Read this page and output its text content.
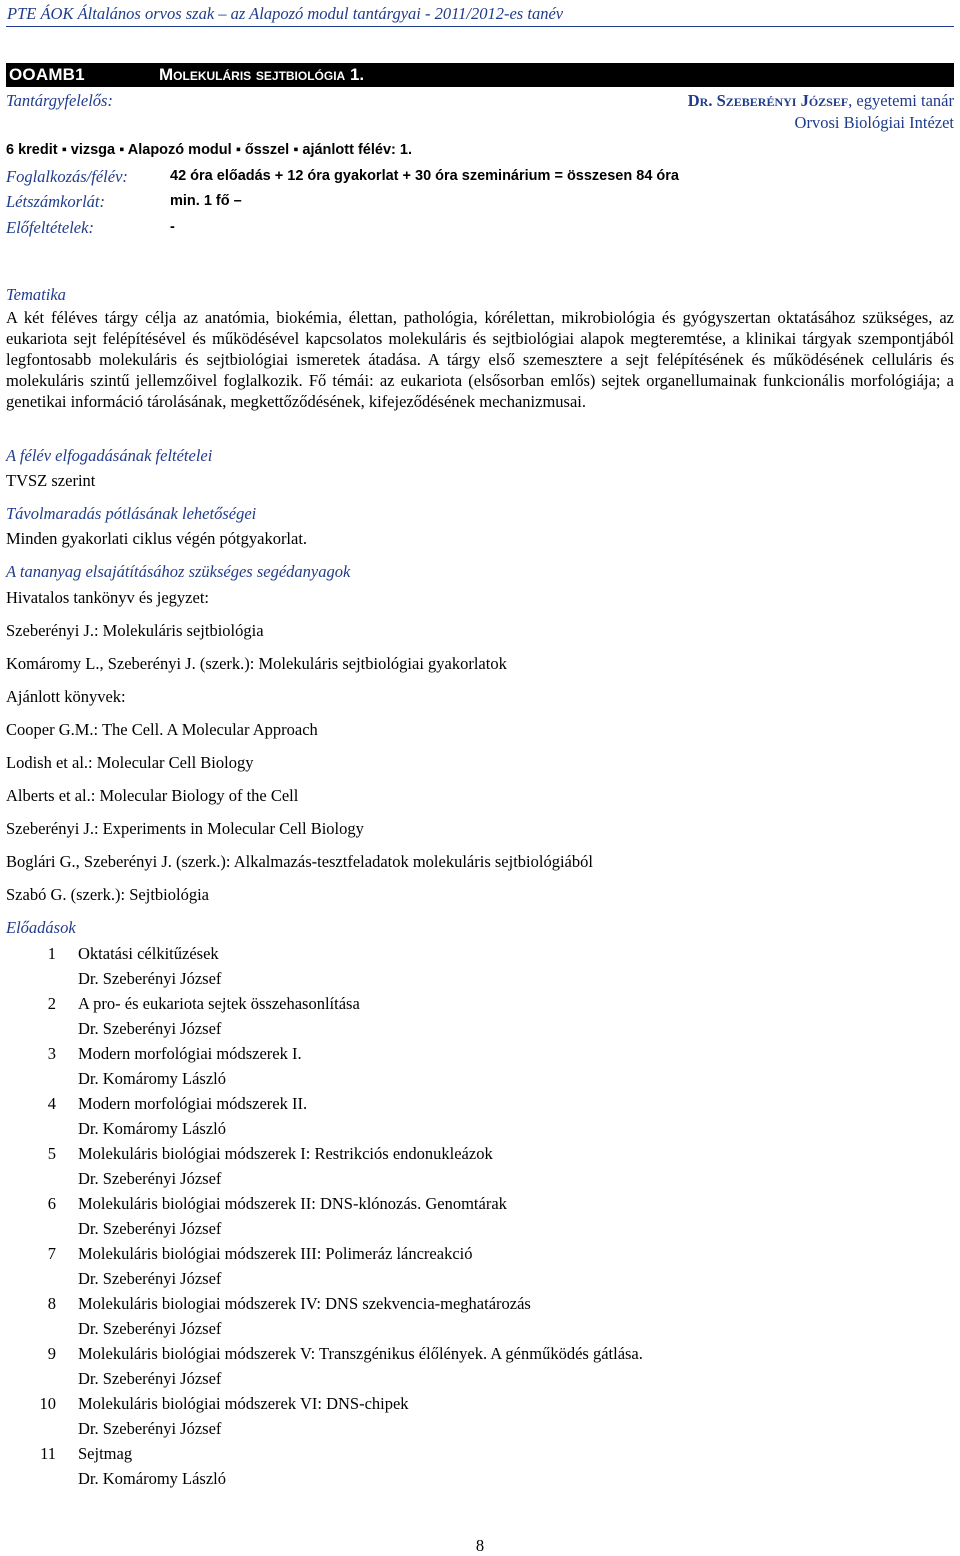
PTE ÁOK Általános orvos szak – az Alapozó modul tantárgyai - 2011/2012-es tanév
OOAMB1	Molekuláris sejtbiológia 1.
Tantárgyfelelős:	Dr. Szeberényi József, egyetemi tanár
Orvosi Biológiai Intézet
6 kredit ▪ vizsga ▪ Alapozó modul ▪ ősszel ▪ ajánlott félév: 1.
Foglalkozás/félév:	42 óra előadás + 12 óra gyakorlat + 30 óra szeminárium = összesen 84 óra
Létszámkorlát:	min. 1 fő –
Előfeltételek:	-
Tematika
A két féléves tárgy célja az anatómia, biokémia, élettan, pathológia, kórélettan, mikrobiológia és gyógyszertan oktatásához szükséges, az eukariota sejt felépítésével és működésével kapcsolatos molekuláris és sejtbiológiai alapok megteremtése, a klinikai tárgyak szempontjából legfontosabb molekuláris és sejtbiológiai ismeretek átadása. A tárgy első szemesztere a sejt felépítésének és működésének celluláris és molekuláris szintű jellemzőivel foglalkozik. Fő témái: az eukariota (elsősorban emlős) sejtek organellumainak funkcionális morfológiája; a genetikai információ tárolásának, megkettőződésének, kifejeződésének mechanizmusai.
A félév elfogadásának feltételei
TVSZ szerint
Távolmaradás pótlásának lehetőségei
Minden gyakorlati ciklus végén pótgyakorlat.
A tananyag elsajátításához szükséges segédanyagok
Hivatalos tankönyv és jegyzet:
Szeberényi J.: Molekuláris sejtbiológia
Komáromy L., Szeberényi J. (szerk.): Molekuláris sejtbiológiai gyakorlatok
Ajánlott könyvek:
Cooper G.M.: The Cell. A Molecular Approach
Lodish et al.: Molecular Cell Biology
Alberts et al.: Molecular Biology of the Cell
Szeberényi J.: Experiments in Molecular Cell Biology
Boglári G., Szeberényi J. (szerk.): Alkalmazás-tesztfeladatok molekuláris sejtbiológiából
Szabó G. (szerk.): Sejtbiológia
Előadások
1 Oktatási célkitűzések
Dr. Szeberényi József
2 A pro- és eukariota sejtek összehasonlítása
Dr. Szeberényi József
3 Modern morfológiai módszerek I.
Dr. Komáromy László
4 Modern morfológiai módszerek II.
Dr. Komáromy László
5 Molekuláris biológiai módszerek I: Restrikciós endonukleázok
Dr. Szeberényi József
6 Molekuláris biológiai módszerek II: DNS-klónozás. Genomtárak
Dr. Szeberényi József
7 Molekuláris biológiai módszerek III: Polimeráz láncreakció
Dr. Szeberényi József
8 Molekuláris biologiai módszerek IV: DNS szekvencia-meghatározás
Dr. Szeberényi József
9 Molekuláris biológiai módszerek V: Transzgénikus élőlények. A génműködés gátlása.
Dr. Szeberényi József
10 Molekuláris biológiai módszerek VI: DNS-chipek
Dr. Szeberényi József
11 Sejtmag
Dr. Komáromy László
8
